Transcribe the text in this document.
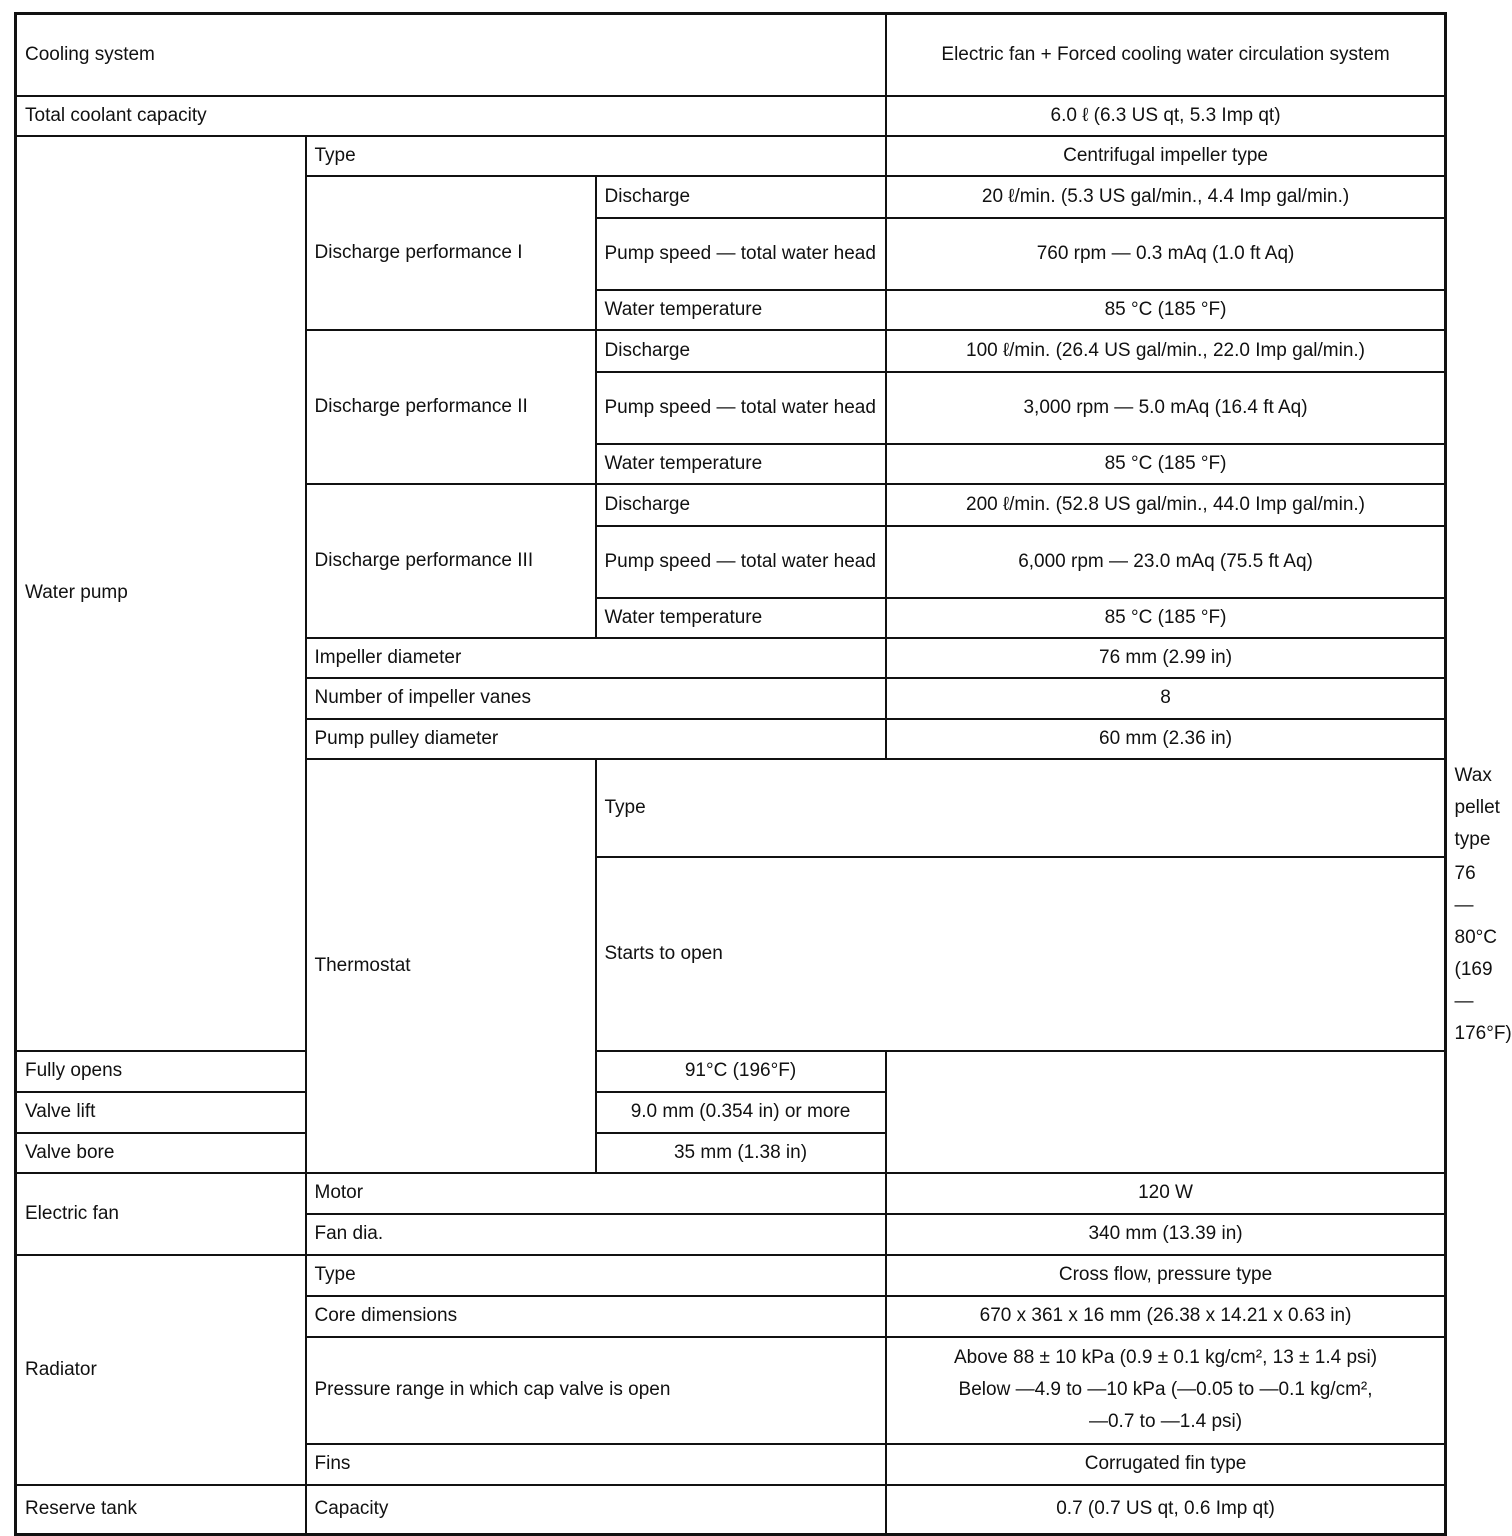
Cooling system			Electric fan + Forced cooling water circulation system	
Total coolant capacity			6.0 ℓ (6.3 US qt, 5.3 Imp qt)	
Water pump	Type		Centrifugal impeller type	
	Discharge performance I	Discharge	20 ℓ/min. (5.3 US gal/min., 4.4 Imp gal/min.)	
		Pump speed — total water head	760 rpm — 0.3 mAq (1.0 ft Aq)	
		Water temperature	85 °C (185 °F)	
	Discharge performance II	Discharge	100 ℓ/min. (26.4 US gal/min., 22.0 Imp gal/min.)	
		Pump speed — total water head	3,000 rpm — 5.0 mAq (16.4 ft Aq)	
		Water temperature	85 °C (185 °F)	
	Discharge performance III	Discharge	200 ℓ/min. (52.8 US gal/min., 44.0 Imp gal/min.)	
		Pump speed — total water head	6,000 rpm — 23.0 mAq (75.5 ft Aq)	
		Water temperature	85 °C (185 °F)	
	Impeller diameter		76 mm (2.99 in)	
	Number of impeller vanes		8	
	Pump pulley diameter		60 mm (2.36 in)	
	Thermostat	Type		Wax pellet type
		Starts to open		76 — 80°C (169 — 176°F)
Fully opens		91°C (196°F)		
Valve lift		9.0 mm (0.354 in) or more		
Valve bore		35 mm (1.38 in)		
Electric fan	Motor		120 W	
	Fan dia.		340 mm (13.39 in)	
Radiator	Type		Cross flow, pressure type	
	Core dimensions		670 x 361 x 16 mm (26.38 x 14.21 x 0.63 in)	
	Pressure range in which cap valve is open		Above 88 ± 10 kPa (0.9 ± 0.1 kg/cm², 13 ± 1.4 psi)
Below —4.9 to —10 kPa (—0.05 to —0.1 kg/cm²,
—0.7 to —1.4 psi)	

	Fins		Corrugated fin type	
Reserve tank	Capacity		0.7 (0.7 US qt, 0.6 Imp qt)	
